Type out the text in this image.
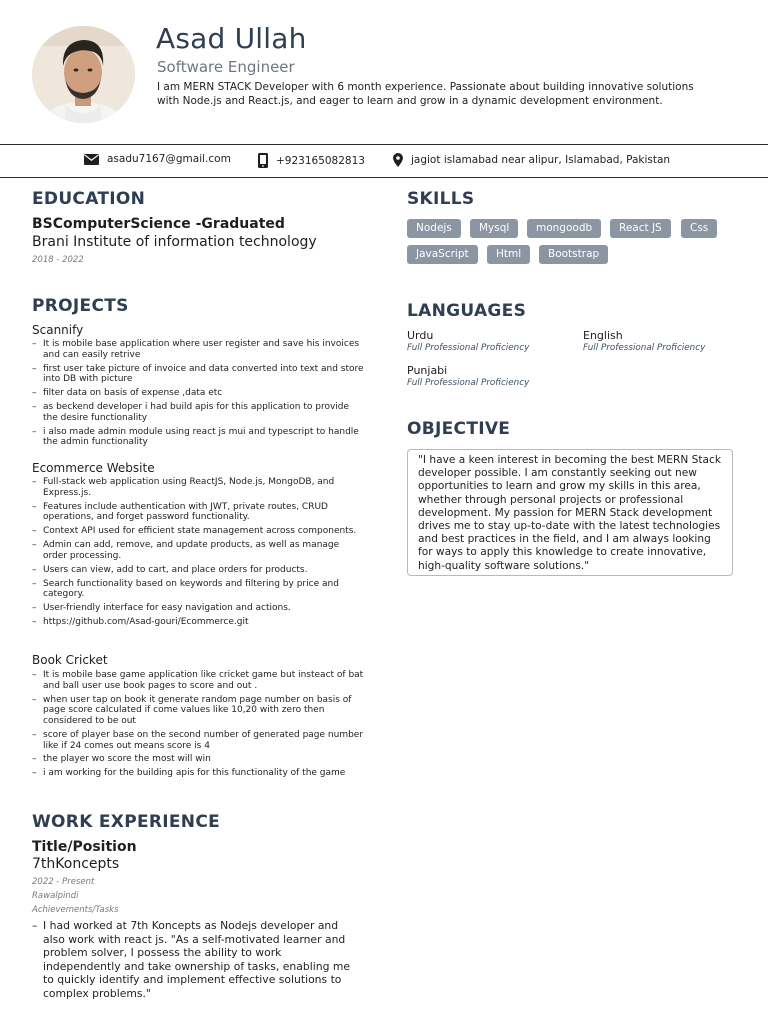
Asad Ullah
Software Engineer
I am MERN STACK Developer with 6 month experience. Passionate about building innovative solutions with Node.js and React.js, and eager to learn and grow in a dynamic development environment.
asadu7167@gmail.com	+923165082813	jagiot islamabad near alipur, Islamabad, Pakistan
EDUCATION
BSComputerScience -Graduated
Brani Institute of information technology
2018 - 2022
PROJECTS
Scannify
– It is mobile base application where user register and save his invoices and can easily retrive
– first user take picture of invoice and data converted into text and store into DB with picture
– filter data on basis of expense ,data etc
– as beckend developer i had build apis for this application to provide the desire functionality
– i also made admin module using react js mui and typescript to handle the admin functionality
Ecommerce Website
– Full-stack web application using ReactJS, Node.js, MongoDB, and Express.js.
– Features include authentication with JWT, private routes, CRUD operations, and forget password functionality.
– Context API used for efficient state management across components.
– Admin can add, remove, and update products, as well as manage order processing.
– Users can view, add to cart, and place orders for products.
– Search functionality based on keywords and filtering by price and category.
– User-friendly interface for easy navigation and actions.
– https://github.com/Asad-gouri/Ecommerce.git
Book Cricket
– It is mobile base game application like cricket game but insteact of bat and ball user use book pages to score and out .
– when user tap on book it generate random page number on basis of page score calculated if come values like 10,20 with zero then considered to be out
– score of player base on the second number of generated page number like if 24 comes out means score is 4
– the player wo score the most will win
– i am working for the building apis for this functionality of the game
WORK EXPERIENCE
Title/Position
7thKoncepts
2022 - Present
Rawalpindi
Achievements/Tasks
– I had worked at 7th Koncepts as Nodejs developer and also work with react js. "As a self-motivated learner and problem solver, I possess the ability to work independently and take ownership of tasks, enabling me to quickly identify and implement effective solutions to complex problems."
SKILLS
Nodejs	Mysql	mongoodb	React JS	Css
JavaScript	Html	Bootstrap
LANGUAGES
Urdu
Full Professional Proficiency
English
Full Professional Proficiency
Punjabi
Full Professional Proficiency
OBJECTIVE
"I have a keen interest in becoming the best MERN Stack developer possible. I am constantly seeking out new opportunities to learn and grow my skills in this area, whether through personal projects or professional development. My passion for MERN Stack development drives me to stay up-to-date with the latest technologies and best practices in the field, and I am always looking for ways to apply this knowledge to create innovative, high-quality software solutions."
